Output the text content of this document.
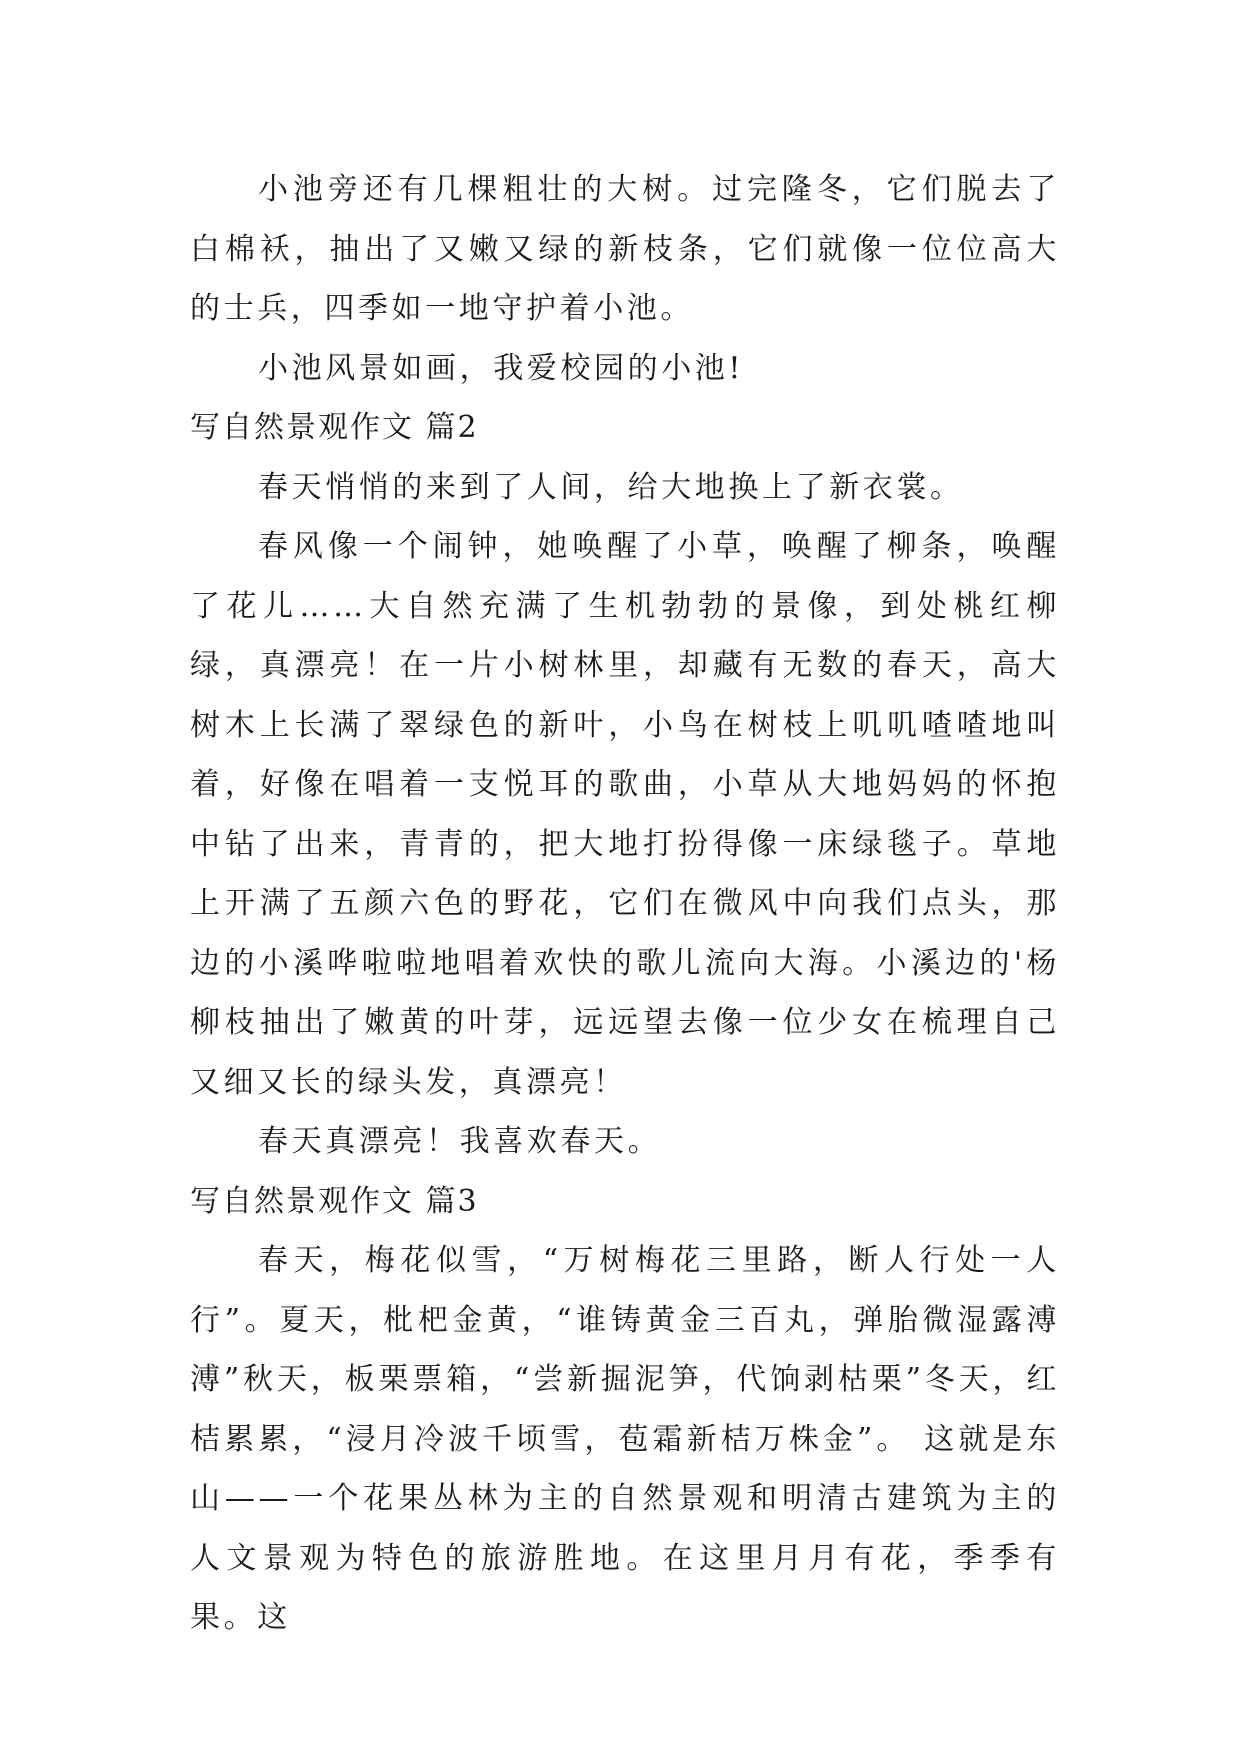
小池旁还有几棵粗壮的大树。过完隆冬，它们脱去了白棉袄，抽出了又嫩又绿的新枝条，它们就像一位位高大的士兵，四季如一地守护着小池。

小池风景如画，我爱校园的小池!

写自然景观作文 篇2

春天悄悄的来到了人间，给大地换上了新衣裳。

春风像一个闹钟，她唤醒了小草，唤醒了柳条，唤醒了花儿……大自然充满了生机勃勃的景像，到处桃红柳绿，真漂亮！在一片小树林里，却藏有无数的春天，高大树木上长满了翠绿色的新叶，小鸟在树枝上叽叽喳喳地叫着，好像在唱着一支悦耳的歌曲，小草从大地妈妈的怀抱中钻了出来，青青的，把大地打扮得像一床绿毯子。草地上开满了五颜六色的野花，它们在微风中向我们点头，那边的小溪哗啦啦地唱着欢快的歌儿流向大海。小溪边的'杨柳枝抽出了嫩黄的叶芽，远远望去像一位少女在梳理自己又细又长的绿头发，真漂亮！

春天真漂亮！我喜欢春天。

写自然景观作文 篇3

春天，梅花似雪，“万树梅花三里路，断人行处一人行”。夏天，枇杷金黄，“谁铸黄金三百丸，弹胎微湿露溥溥”秋天，板栗票箱，“尝新掘泥笋，代饷剥枯栗”冬天，红桔累累，“浸月冷波千顷雪，苞霜新桔万株金”。 这就是东山——一个花果丛林为主的自然景观和明清古建筑为主的人文景观为特色的旅游胜地。在这里月月有花，季季有果。这
